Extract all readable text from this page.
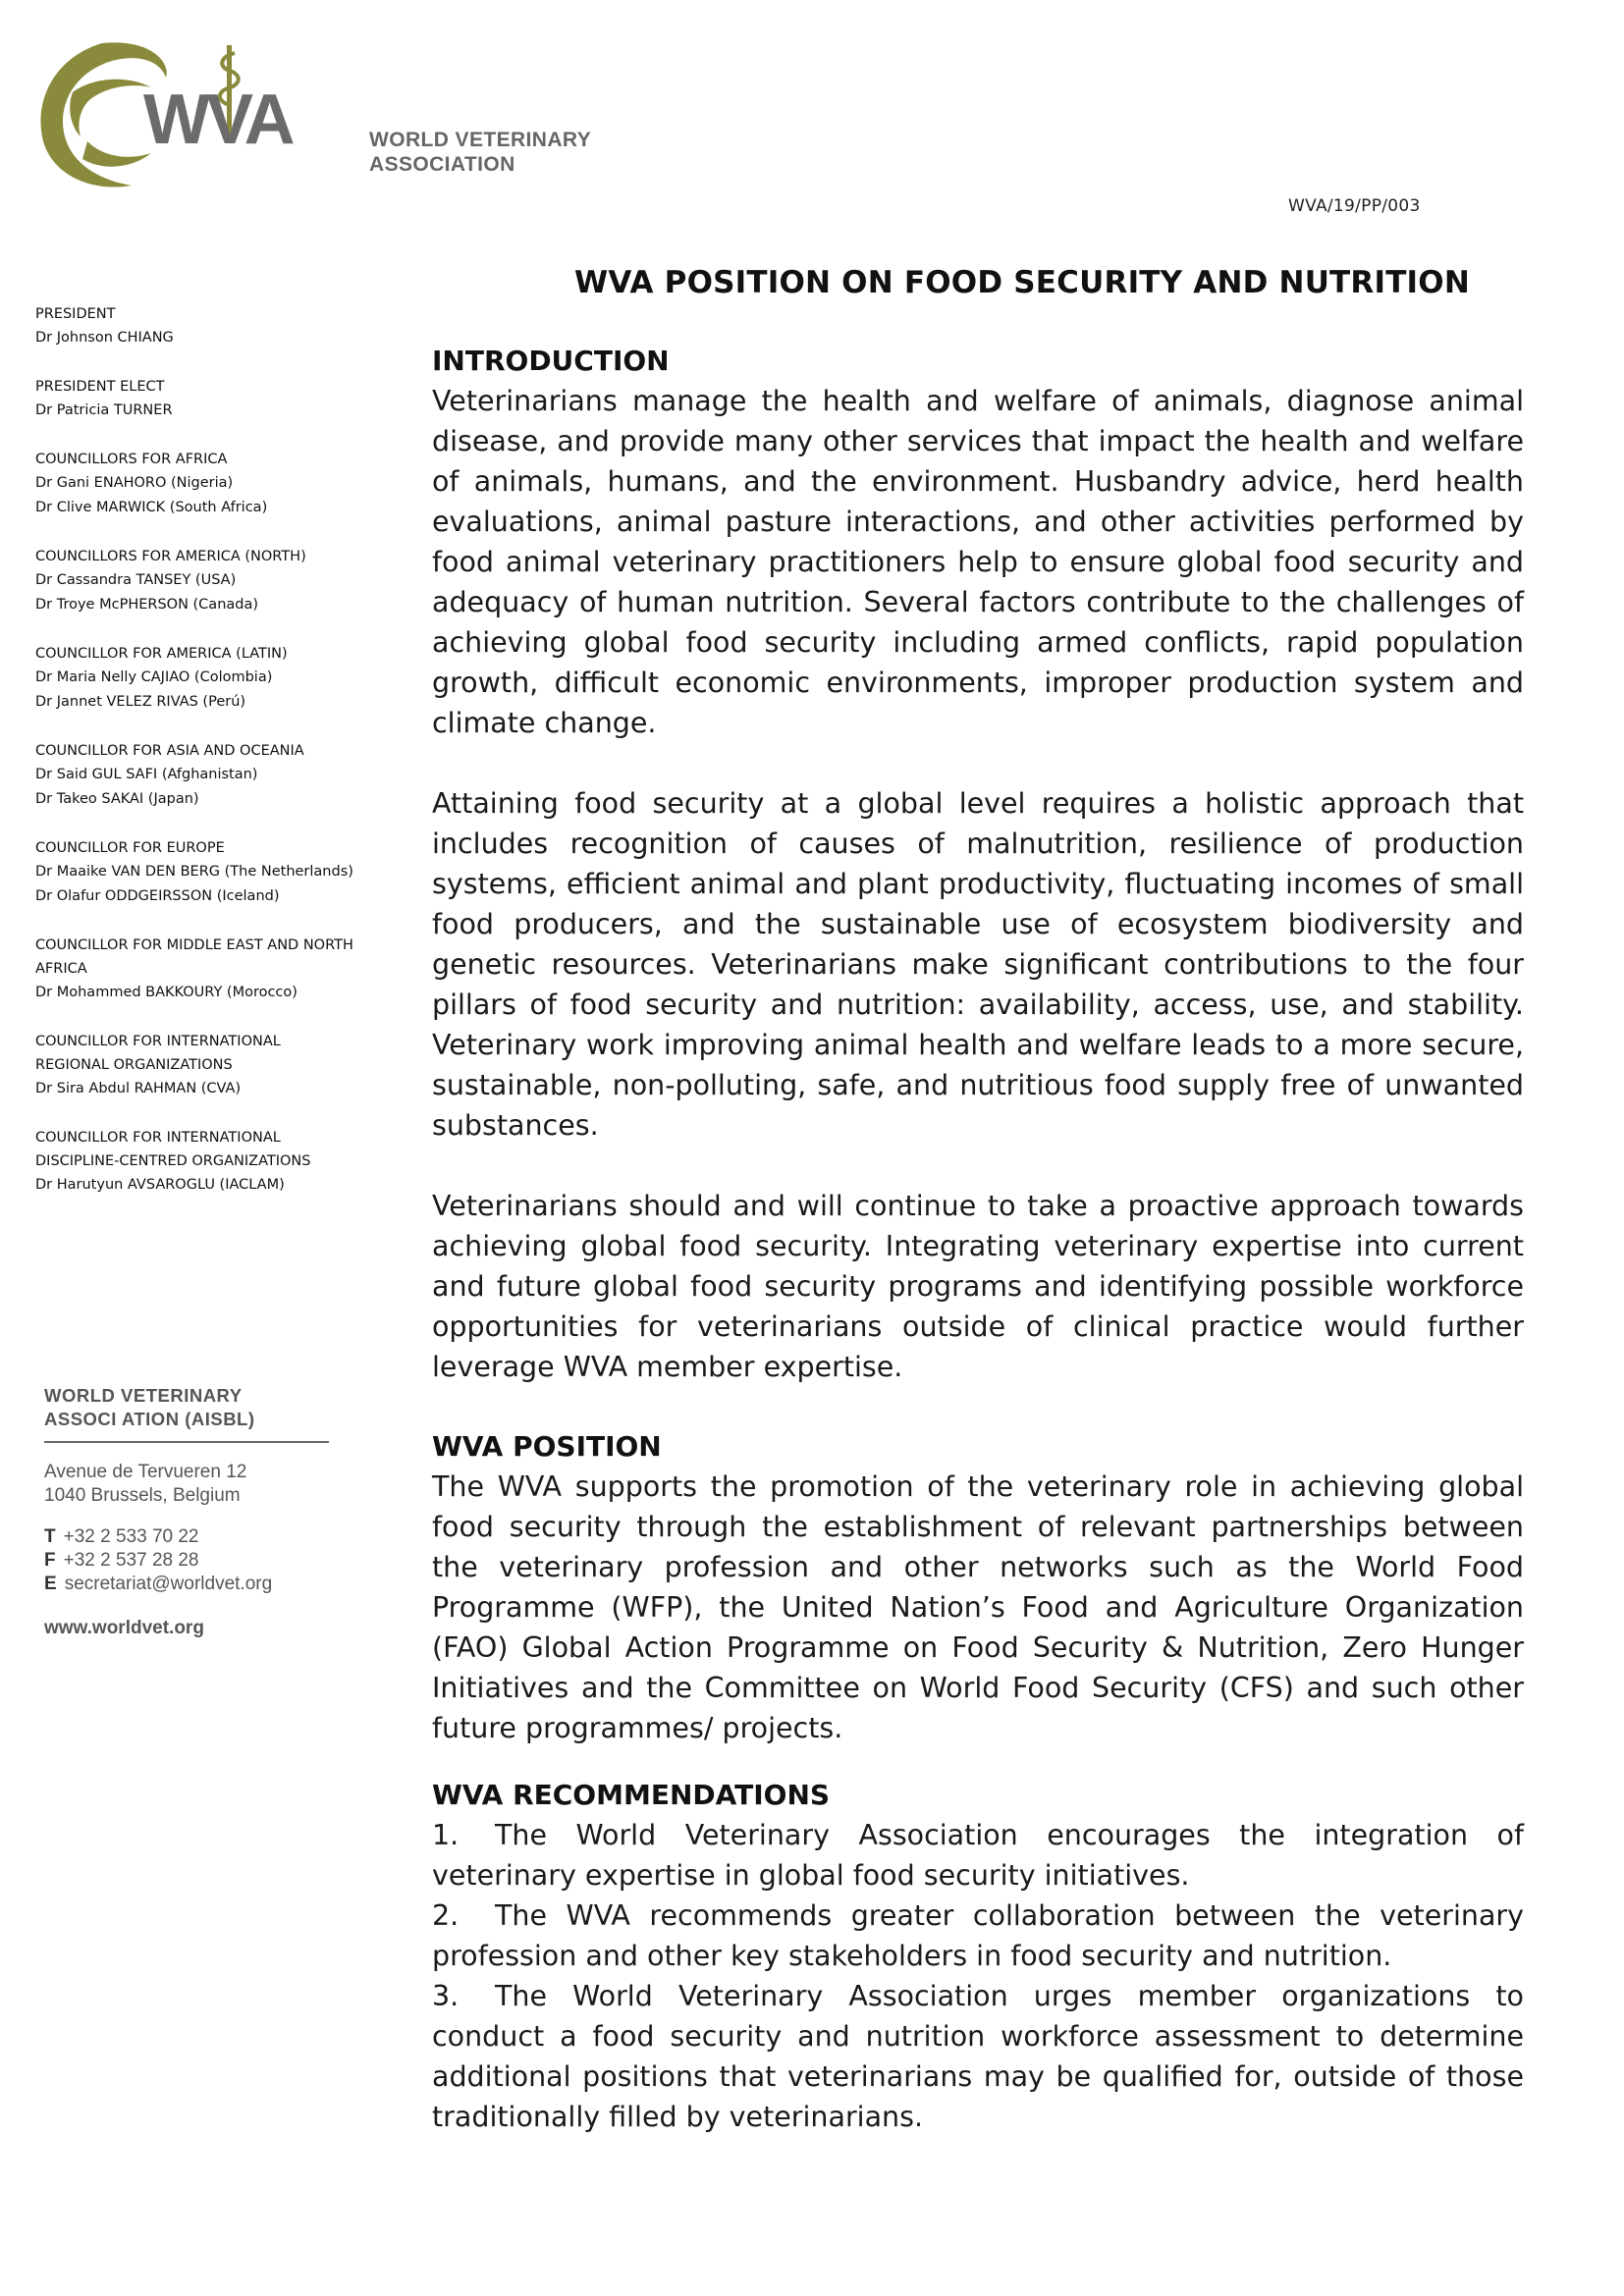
WVA	WORLD VETERINARY
ASSOCIATION
WVA/19/PP/003
PRESIDENT
Dr Johnson CHIANG
PRESIDENT ELECT
Dr Patricia TURNER
COUNCILLORS FOR AFRICA
Dr Gani ENAHORO (Nigeria)
Dr Clive MARWICK (South Africa)
COUNCILLORS FOR AMERICA (NORTH)
Dr Cassandra TANSEY (USA)
Dr Troye McPHERSON (Canada)
COUNCILLOR FOR AMERICA (LATIN)
Dr Maria Nelly CAJIAO (Colombia)
Dr Jannet VELEZ RIVAS (Perú)
COUNCILLOR FOR ASIA AND OCEANIA
Dr Said GUL SAFI (Afghanistan)
Dr Takeo SAKAI (Japan)
COUNCILLOR FOR EUROPE
Dr Maaike VAN DEN BERG (The Netherlands)
Dr Olafur ODDGEIRSSON (Iceland)
COUNCILLOR FOR MIDDLE EAST AND NORTH AFRICA
Dr Mohammed BAKKOURY (Morocco)
COUNCILLOR FOR INTERNATIONAL REGIONAL ORGANIZATIONS
Dr Sira Abdul RAHMAN (CVA)
COUNCILLOR FOR INTERNATIONAL DISCIPLINE-CENTRED ORGANIZATIONS
Dr Harutyun AVSAROGLU (IACLAM)
WORLD VETERINARY
ASSOCI ATION (AISBL)
Avenue de Tervueren 12
1040 Brussels, Belgium
T +32 2 533 70 22
F +32 2 537 28 28
E secretariat@worldvet.org
www.worldvet.org
WVA POSITION ON FOOD SECURITY AND NUTRITION
INTRODUCTION

Veterinarians manage the health and welfare of animals, diagnose animal disease, and provide many other services that impact the health and welfare of animals, humans, and the environment. Husbandry advice, herd health evaluations, animal pasture interactions, and other activities performed by food animal veterinary practitioners help to ensure global food security and adequacy of human nutrition. Several factors contribute to the challenges of achieving global food security including armed conflicts, rapid population growth, difficult economic environments, improper production system and climate change.

Attaining food security at a global level requires a holistic approach that includes recognition of causes of malnutrition, resilience of production systems, efficient animal and plant productivity, fluctuating incomes of small food producers, and the sustainable use of ecosystem biodiversity and genetic resources. Veterinarians make significant contributions to the four pillars of food security and nutrition: availability, access, use, and stability. Veterinary work improving animal health and welfare leads to a more secure, sustainable, non-polluting, safe, and nutritious food supply free of unwanted substances.

Veterinarians should and will continue to take a proactive approach towards achieving global food security. Integrating veterinary expertise into current and future global food security programs and identifying possible workforce opportunities for veterinarians outside of clinical practice would further leverage WVA member expertise.

WVA POSITION

The WVA supports the promotion of the veterinary role in achieving global food security through the establishment of relevant partnerships between the veterinary profession and other networks such as the World Food Programme (WFP), the United Nation’s Food and Agriculture Organization (FAO) Global Action Programme on Food Security & Nutrition, Zero Hunger Initiatives and the Committee on World Food Security (CFS) and such other future programmes/ projects.

WVA RECOMMENDATIONS

1. The World Veterinary Association encourages the integration of veterinary expertise in global food security initiatives.

2. The WVA recommends greater collaboration between the veterinary profession and other key stakeholders in food security and nutrition.

3. The World Veterinary Association urges member organizations to conduct a food security and nutrition workforce assessment to determine additional positions that veterinarians may be qualified for, outside of those traditionally filled by veterinarians.
